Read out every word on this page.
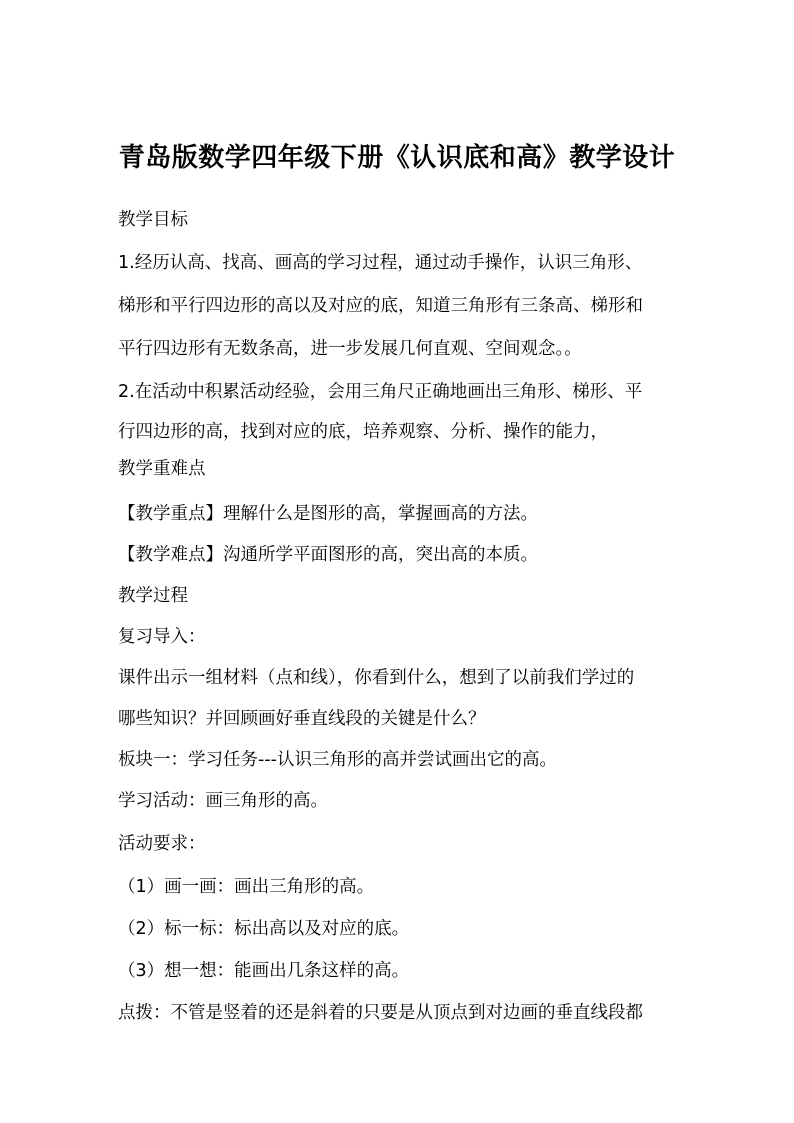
青岛版数学四年级下册《认识底和高》教学设计
教学目标
1.经历认高、找高、画高的学习过程，通过动手操作，认识三角形、
梯形和平行四边形的高以及对应的底，知道三角形有三条高、梯形和
平行四边形有无数条高，进一步发展几何直观、空间观念。。
2.在活动中积累活动经验，会用三角尺正确地画出三角形、梯形、平
行四边形的高，找到对应的底，培养观察、分析、操作的能力，
教学重难点
【教学重点】理解什么是图形的高，掌握画高的方法。
【教学难点】沟通所学平面图形的高，突出高的本质。
教学过程
复习导入：
课件出示一组材料（点和线），你看到什么，想到了以前我们学过的
哪些知识？并回顾画好垂直线段的关键是什么？
板块一：学习任务---认识三角形的高并尝试画出它的高。
学习活动：画三角形的高。
活动要求：
（1）画一画：画出三角形的高。
（2）标一标：标出高以及对应的底。
（3）想一想：能画出几条这样的高。
点拨：不管是竖着的还是斜着的只要是从顶点到对边画的垂直线段都
